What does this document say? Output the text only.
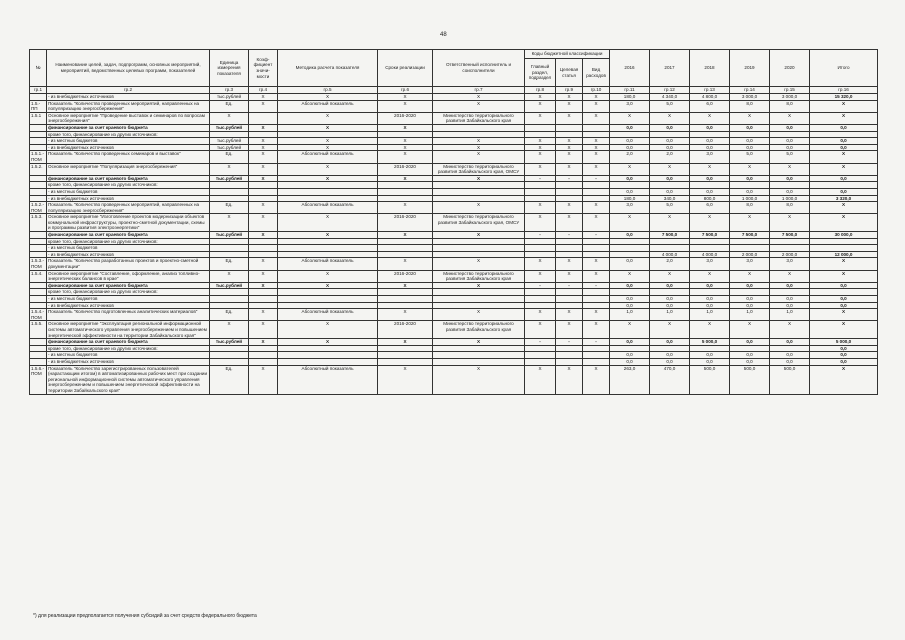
48
№	Наименование целей, задач, подпрограмм, основных мероприятий, мероприятий, ведомственных целевых программ, показателей	Единица измерения показателя	Коэф-фициент значи-мости	Методика расчета показателя	Сроки реализации	Ответственный исполнитель и соисполнители	Коды бюджетной классификации			2016	2017	2018	2019	2020	Итого
							Главный раздел, подраздел	Целевая статья	Вид расходов						
гр.1	гр.2	гр.3	гр.4	гр.5	гр.6	гр.7	гр.8	гр.9	гр.10	гр.11	гр.12	гр.13	гр.14	гр.15	гр.16
	- из внебюджетных источников	тыс.рублей	X	X	X	X	X	X	X	180,0	4 340,0	4 800,0	3 000,0	3 000,0	15 320,0
1.5.-ПП	Показатель "Количество проведенных мероприятий, направленных на популяризацию энергосбережения"	Ед.	X	Абсолютный показатель	X	X	X	X	X	3,0	5,0	6,0	8,0	8,0	X
1.5.1	Основное мероприятие "Проведение выставок и семинаров по вопросам энергосбережения"	X		X	2016-2020	Министерство территориального развития Забайкальского края	X	X	X	X	X	X	X	X	X
	финансирование за счет краевого бюджета	тыс.рублей	X	X	X					0,0	0,0	0,0	0,0	0,0	0,0
	кроме того, финансирование из других источников:														
	- из местных бюджетов	тыс.рублей	X	X	X	X	X	X	X	0,0	0,0	0,0	0,0	0,0	0,0
	- из внебюджетных источников	тыс.рублей	X	X	X	X	X	X	X	0,0	0,0	0,0	0,0	0,0	0,0
1.5.1.-ПОМ	Показатель "Количество проведенных семинаров и выставок"	Ед.	X	Абсолютный показатель	X	X	X	X	X	2,0	2,0	3,0	5,0	5,0	X
1.5.2.	Основное мероприятие "Популяризация энергосбережения"	X	X	X	2016-2020	Министерство территориального развития Забайкальского края, ОМСУ	X	X	X	X	X	X	X	X	X
	финансирование за счет краевого бюджета	тыс.рублей	X	X	X	X	-	-	-	0,0	0,0	0,0	0,0	0,0	0,0
	кроме того, финансирование из других источников:														
	- из местных бюджетов									0,0	0,0	0,0	0,0	0,0	0,0
	- из внебюджетных источников									180,0	340,0	800,0	1 000,0	1 000,0	3 320,0
1.5.2.-ПОМ	Показатель "Количество проведенных мероприятий, направленных на популяризацию энергосбережения"	Ед.	X	Абсолютный показатель	X	X	X	X	X	3,0	5,0	6,0	8,0	8,0	X
1.5.3.	Основное мероприятие "Изготовление проектов модернизации объектов коммунальной инфраструктуры, проектно-сметной документации, схемы и программы развития электроэнергетики"	X	X	X	2016-2020	Министерство территориального развития Забайкальского края, ОМСУ	X	X	X	X	X	X	X	X	X
	финансирование за счет краевого бюджета	тыс.рублей	X	X	X	X	-	-	-	0,0	7 500,0	7 500,0	7 500,0	7 500,0	30 000,0
	кроме того, финансирование из других источников:														
	- из местных бюджетов														
	- из внебюджетных источников										4 000,0	4 000,0	2 000,0	2 000,0	12 000,0
1.5.3.-ПОМ	Показатель "Количество разработанных проектов и проектно-сметной документации"	Ед.	X	Абсолютный показатель	X	X	X	X	X	0,0	2,0	3,0	3,0	3,0	X
1.5.4.	Основное мероприятие "Составление, оформление, анализ топливно-энергетических балансов в крае"	X	X	X	2016-2020	Министерство территориального развития Забайкальского края	X	X	X	X	X	X	X	X	X
	финансирование за счет краевого бюджета	тыс.рублей	X	X	X	X	-	-	-	0,0	0,0	0,0	0,0	0,0	0,0
	кроме того, финансирование из других источников:														
	- из местных бюджетов									0,0	0,0	0,0	0,0	0,0	0,0
	- из внебюджетных источников									0,0	0,0	0,0	0,0	0,0	0,0
1.5.4.-ПОМ	Показатель "Количество подготовленных аналитических материалов"	Ед.	X	Абсолютный показатель	X	X	X	X	X	1,0	1,0	1,0	1,0	1,0	X
1.5.5.	Основное мероприятие "Эксплуатация региональной информационной системы автоматического управления энергосбережением и повышением энергетической эффективности на территории Забайкальского края"	X	X	X	2016-2020	Министерство территориального развития Забайкальского края	X	X	X	X	X	X	X	X	X
	финансирование за счет краевого бюджета	тыс.рублей	X	X	X	X	-	-	-	0,0	0,0	5 000,0	0,0	0,0	5 000,0
	кроме того, финансирование из других источников:														0,0
	- из местных бюджетов									0,0	0,0	0,0	0,0	0,0	0,0
	- из внебюджетных источников									0,0	0,0	0,0	0,0	0,0	0,0
1.5.6.-ПОМ	Показатель "Количество зарегистрированных пользователей (нарастающим итогом) в автоматизированных рабочих мест при создании региональной информационной системы автоматического управления энергосбережением и повышением энергетической эффективности на территории Забайкальского края"	Ед.	X	Абсолютный показатель	X	X	X	X	X	263,0	470,0	500,0	500,0	500,0	X
*) для реализации предполагается получения субсидий за счет средств федерального бюджета
